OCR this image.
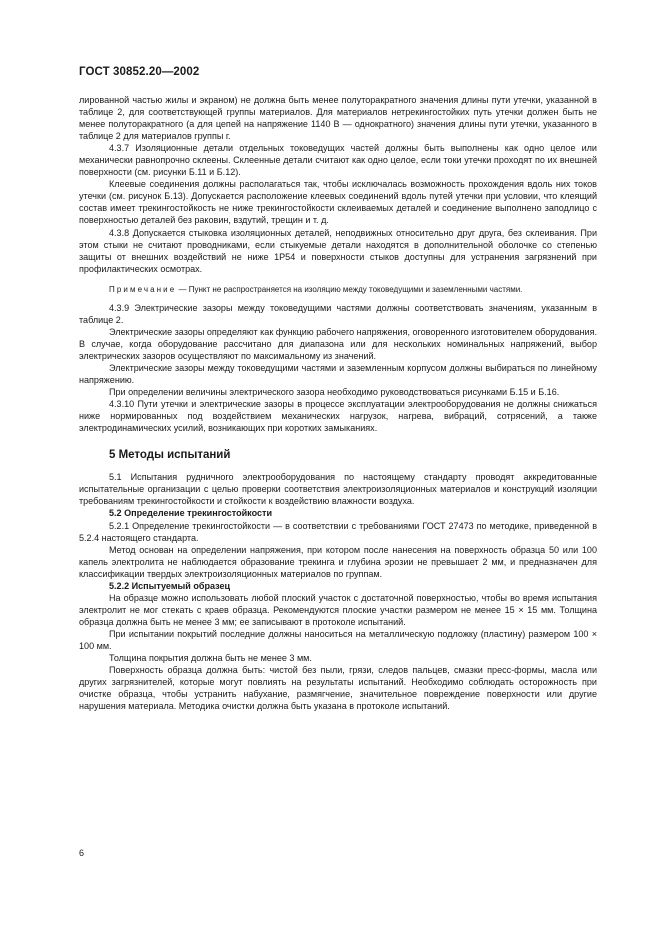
ГОСТ 30852.20—2002

лированной частью жилы и экраном) не должна быть менее полуторакратного значения длины пути утечки, указанной в таблице 2, для соответствующей группы материалов. Для материалов нетрекингостойких путь утечки должен быть не менее полуторакратного (а для цепей на напряжение 1140 В — однократного) значения длины пути утечки, указанного в таблице 2 для материалов группы г.

4.3.7 Изоляционные детали отдельных токоведущих частей должны быть выполнены как одно целое или механически равнопрочно склеены. Склеенные детали считают как одно целое, если токи утечки проходят по их внешней поверхности (см. рисунки Б.11 и Б.12).

Клеевые соединения должны располагаться так, чтобы исключалась возможность прохождения вдоль них токов утечки (см. рисунок Б.13). Допускается расположение клеевых соединений вдоль путей утечки при условии, что клеящий состав имеет трекингостойкость не ниже трекингостойкости склеиваемых деталей и соединение выполнено заподлицо с поверхностью деталей без раковин, вздутий, трещин и т. д.

4.3.8 Допускается стыковка изоляционных деталей, неподвижных относительно друг друга, без склеивания. При этом стыки не считают проводниками, если стыкуемые детали находятся в дополнительной оболочке со степенью защиты от внешних воздействий не ниже 1Р54 и поверхности стыков доступны для устранения загрязнений при профилактических осмотрах.

Примечание — Пункт не распространяется на изоляцию между токоведущими и заземленными частями.

4.3.9 Электрические зазоры между токоведущими частями должны соответствовать значениям, указанным в таблице 2.

Электрические зазоры определяют как функцию рабочего напряжения, оговоренного изготовителем оборудования. В случае, когда оборудование рассчитано для диапазона или для нескольких номинальных напряжений, выбор электрических зазоров осуществляют по максимальному из значений.

Электрические зазоры между токоведущими частями и заземленным корпусом должны выбираться по линейному напряжению.

При определении величины электрического зазора необходимо руководствоваться рисунками Б.15 и Б.16.

4.3.10 Пути утечки и электрические зазоры в процессе эксплуатации электрооборудования не должны снижаться ниже нормированных под воздействием механических нагрузок, нагрева, вибраций, сотрясений, а также электродинамических усилий, возникающих при коротких замыканиях.

5 Методы испытаний

5.1 Испытания рудничного электрооборудования по настоящему стандарту проводят аккредитованные испытательные организации с целью проверки соответствия электроизоляционных материалов и конструкций изоляции требованиям трекингостойкости и стойкости к воздействию влажности воздуха.

5.2 Определение трекингостойкости

5.2.1 Определение трекингостойкости — в соответствии с требованиями ГОСТ 27473 по методике, приведенной в 5.2.4 настоящего стандарта.

Метод основан на определении напряжения, при котором после нанесения на поверхность образца 50 или 100 капель электролита не наблюдается образование трекинга и глубина эрозии не превышает 2 мм, и предназначен для классификации твердых электроизоляционных материалов по группам.

5.2.2 Испытуемый образец

На образце можно использовать любой плоский участок с достаточной поверхностью, чтобы во время испытания электролит не мог стекать с краев образца. Рекомендуются плоские участки размером не менее 15 × 15 мм. Толщина образца должна быть не менее 3 мм; ее записывают в протоколе испытаний.

При испытании покрытий последние должны наноситься на металлическую подложку (пластину) размером 100 × 100 мм.

Толщина покрытия должна быть не менее 3 мм.

Поверхность образца должна быть: чистой без пыли, грязи, следов пальцев, смазки пресс-формы, масла или других загрязнителей, которые могут повлиять на результаты испытаний. Необходимо соблюдать осторожность при очистке образца, чтобы устранить набухание, размягчение, значительное повреждение поверхности или другие нарушения материала. Методика очистки должна быть указана в протоколе испытаний.

6
